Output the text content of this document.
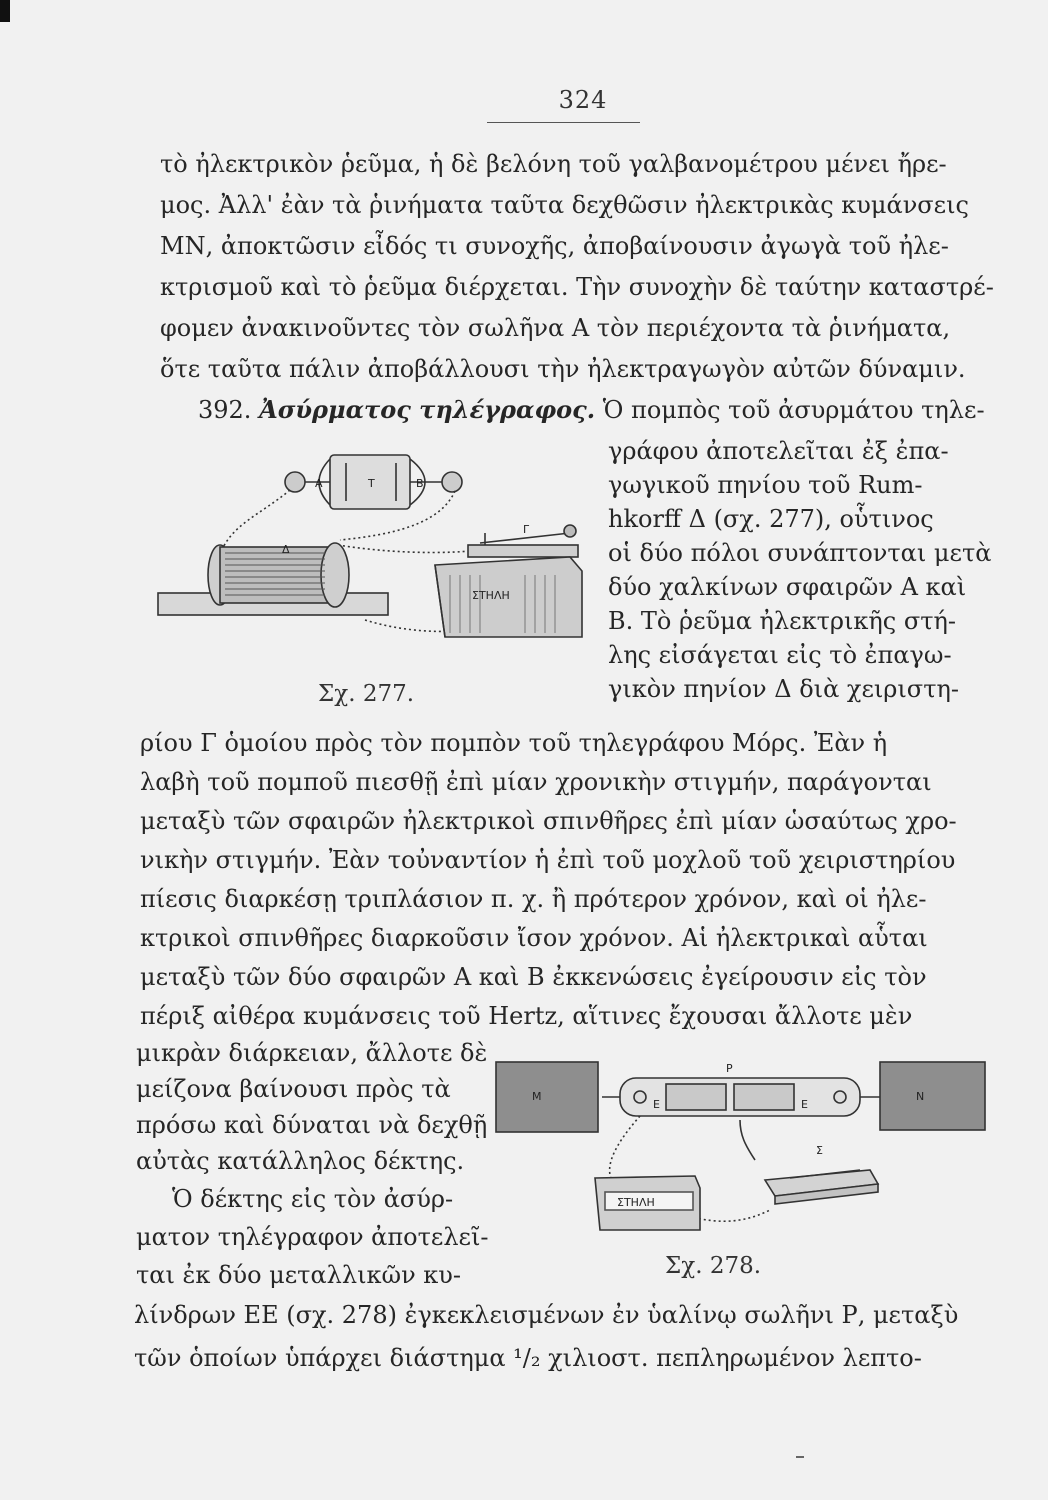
324
τὸ ἠλεκτρικὸν ῥεῦμα, ἡ δὲ βελόνη τοῦ γαλβανομέτρου μένει ἤρε-
μος. Ἀλλ' ἐὰν τὰ ῥινήματα ταῦτα δεχθῶσιν ἠλεκτρικὰς κυμάνσεις
ΜΝ, ἀποκτῶσιν εἶδός τι συνοχῆς, ἀποβαίνουσιν ἀγωγὰ τοῦ ἠλε-
κτρισμοῦ καὶ τὸ ῥεῦμα διέρχεται. Τὴν συνοχὴν δὲ ταύτην καταστρέ-
φομεν ἀνακινοῦντες τὸν σωλῆνα Α τὸν περιέχοντα τὰ ῥινήματα,
ὅτε ταῦτα πάλιν ἀποβάλλουσι τὴν ἠλεκτραγωγὸν αὐτῶν δύναμιν.
392. Ἀσύρματος τηλέγραφος. Ὁ πομπὸς τοῦ ἀσυρμάτου τηλε-
A	T	B
Δ
Γ
ΣΤΗΛΗ
Σχ. 277.
γράφου ἀποτελεῖται ἐξ ἐπα-
γωγικοῦ πηνίου τοῦ Rum-
hkorff Δ (σχ. 277), οὗτινος
οἱ δύο πόλοι συνάπτονται μετὰ
δύο χαλκίνων σφαιρῶν Α καὶ
Β. Τὸ ῥεῦμα ἠλεκτρικῆς στή-
λης εἰσάγεται εἰς τὸ ἐπαγω-
γικὸν πηνίον Δ διὰ χειριστη-
ρίου Γ ὁμοίου πρὸς τὸν πομπὸν τοῦ τηλεγράφου Μόρς. Ἐὰν ἡ
λαβὴ τοῦ πομποῦ πιεσθῇ ἐπὶ μίαν χρονικὴν στιγμήν, παράγονται
μεταξὺ τῶν σφαιρῶν ἠλεκτρικοὶ σπινθῆρες ἐπὶ μίαν ὡσαύτως χρο-
νικὴν στιγμήν. Ἐὰν τοὐναντίον ἡ ἐπὶ τοῦ μοχλοῦ τοῦ χειριστηρίου
πίεσις διαρκέσῃ τριπλάσιον π. χ. ἢ πρότερον χρόνον, καὶ οἱ ἠλε-
κτρικοὶ σπινθῆρες διαρκοῦσιν ἴσον χρόνον. Αἱ ἠλεκτρικαὶ αὗται
μεταξὺ τῶν δύο σφαιρῶν Α καὶ Β ἐκκενώσεις ἐγείρουσιν εἰς τὸν
πέριξ αἰθέρα κυμάνσεις τοῦ Hertz, αἵτινες ἔχουσαι ἄλλοτε μὲν
M	N
P
E	E
Σ
ΣΤΗΛΗ
Σχ. 278.
μικρὰν διάρκειαν, ἄλλοτε δὲ
μείζονα βαίνουσι πρὸς τὰ
πρόσω καὶ δύναται νὰ δεχθῇ
αὐτὰς κατάλληλος δέκτης.
Ὁ δέκτης εἰς τὸν ἀσύρ-
ματον τηλέγραφον ἀποτελεῖ-
ται ἐκ δύο μεταλλικῶν κυ-
λίνδρων ΕΕ (σχ. 278) ἐγκεκλεισμένων ἐν ὑαλίνῳ σωλῆνι Ρ, μεταξὺ
τῶν ὁποίων ὑπάρχει διάστημα ¹/₂ χιλιοστ. πεπληρωμένον λεπτο-
